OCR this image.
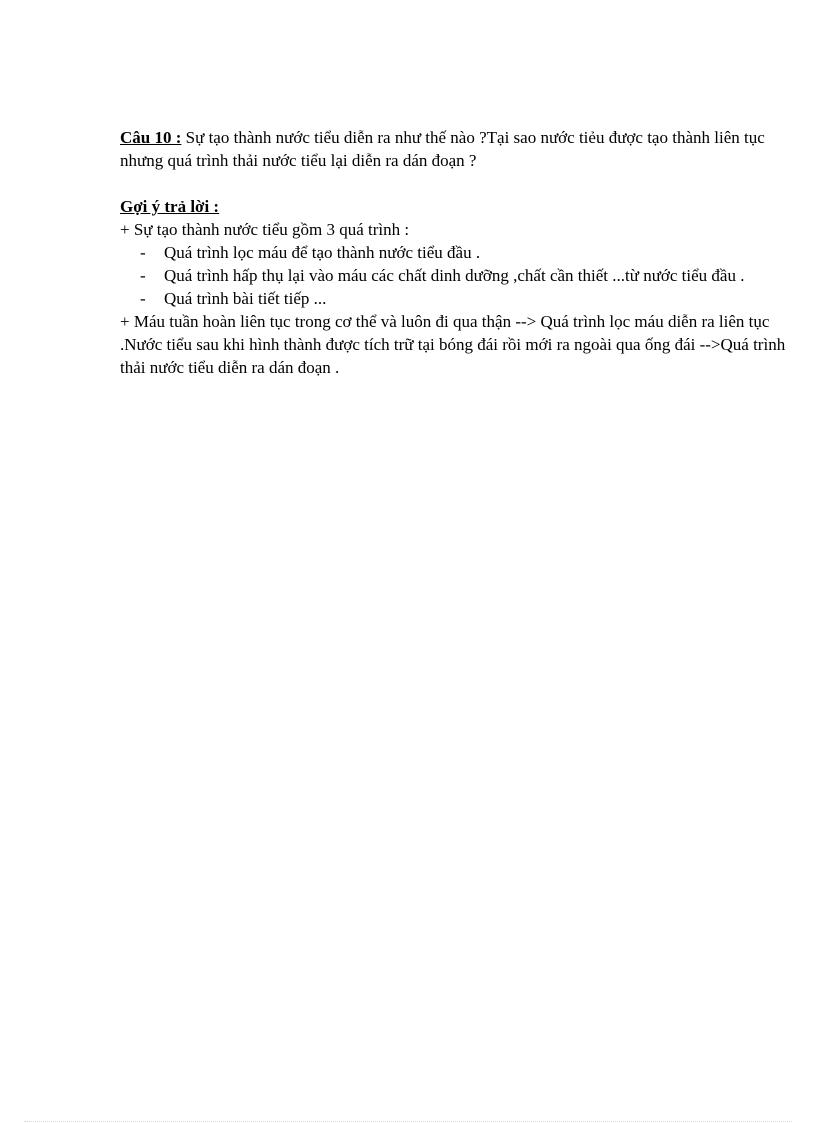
Câu 10 : Sự tạo thành nước tiểu diễn ra như thế nào ?Tại sao nước tiẻu được tạo thành liên tục nhưng quá trình thải nước tiểu lại diễn ra dán đoạn ?

Gợi ý trả lời :

+ Sự tạo thành nước tiểu gồm 3 quá trình :

- Quá trình lọc máu để tạo thành nước tiểu đầu .
- Quá trình hấp thụ lại vào máu các chất dinh dưỡng ,chất cần thiết ...từ nước tiểu đầu .
- Quá trình bài tiết tiếp ...

+ Máu tuần hoàn liên tục trong cơ thể và luôn đi qua thận --> Quá trình lọc máu diễn ra liên tục .Nước tiểu sau khi hình thành được tích trữ tại bóng đái rồi mới ra ngoài qua ống đái -->Quá trình thải nước tiểu diễn ra dán đoạn .
